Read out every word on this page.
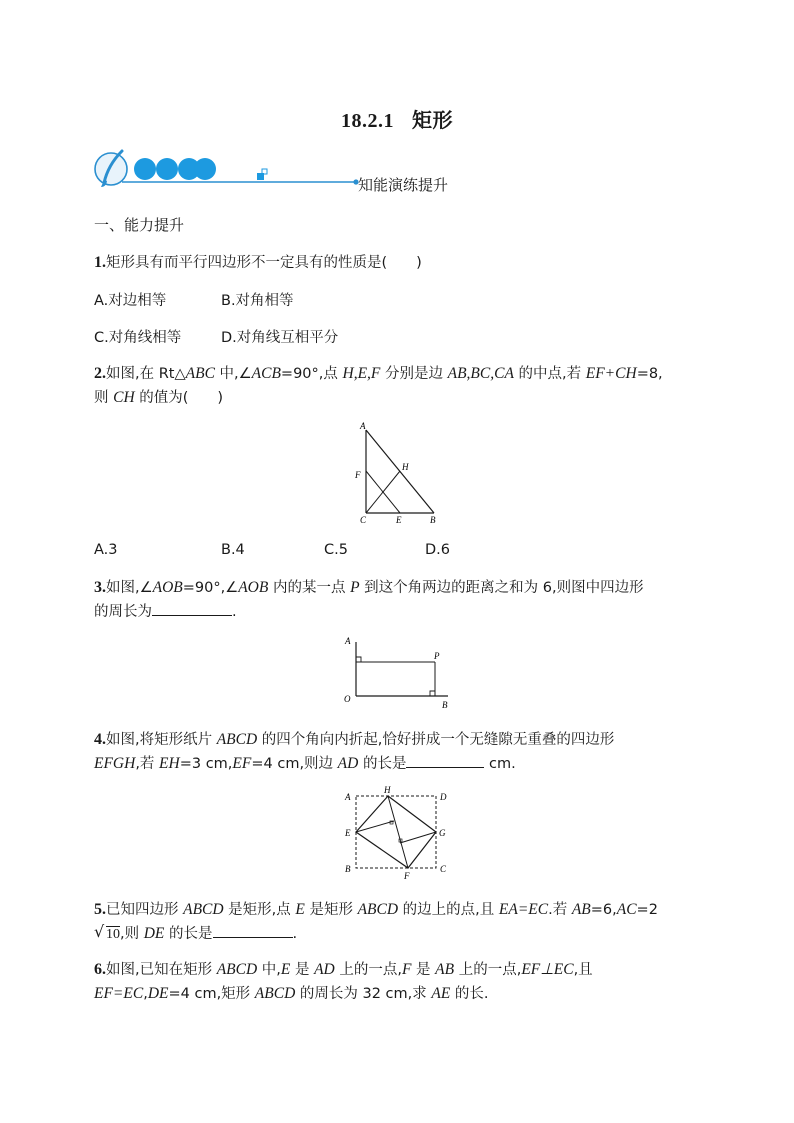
18.2.1 矩形
知能演练提升
一、能力提升
1.矩形具有而平行四边形不一定具有的性质是(　　)
A.对边相等	B.对角相等
C.对角线相等	D.对角线互相平分
2.如图,在 Rt△ABC 中,∠ACB=90°,点 H,E,F 分别是边 AB,BC,CA 的中点,若 EF+CH=8,
则 CH 的值为(　　)
A
H
F
C	E	B
A.3	B.4	C.5	D.6
3.如图,∠AOB=90°,∠AOB 内的某一点 P 到这个角两边的距离之和为 6,则图中四边形
的周长为	.
A
P
O
B
4.如图,将矩形纸片 ABCD 的四个角向内折起,恰好拼成一个无缝隙无重叠的四边形
EFGH,若 EH=3 cm,EF=4 cm,则边 AD 的长是	cm.
A
H
D
E	G
B
F
C
5.已知四边形 ABCD 是矩形,点 E 是矩形 ABCD 的边上的点,且 EA=EC.若 AB=6,AC=2

√ 10,则 DE 的长是	.
6.如图,已知在矩形 ABCD 中,E 是 AD 上的一点,F 是 AB 上的一点,EF⊥EC,且
EF=EC,DE=4 cm,矩形 ABCD 的周长为 32 cm,求 AE 的长.
